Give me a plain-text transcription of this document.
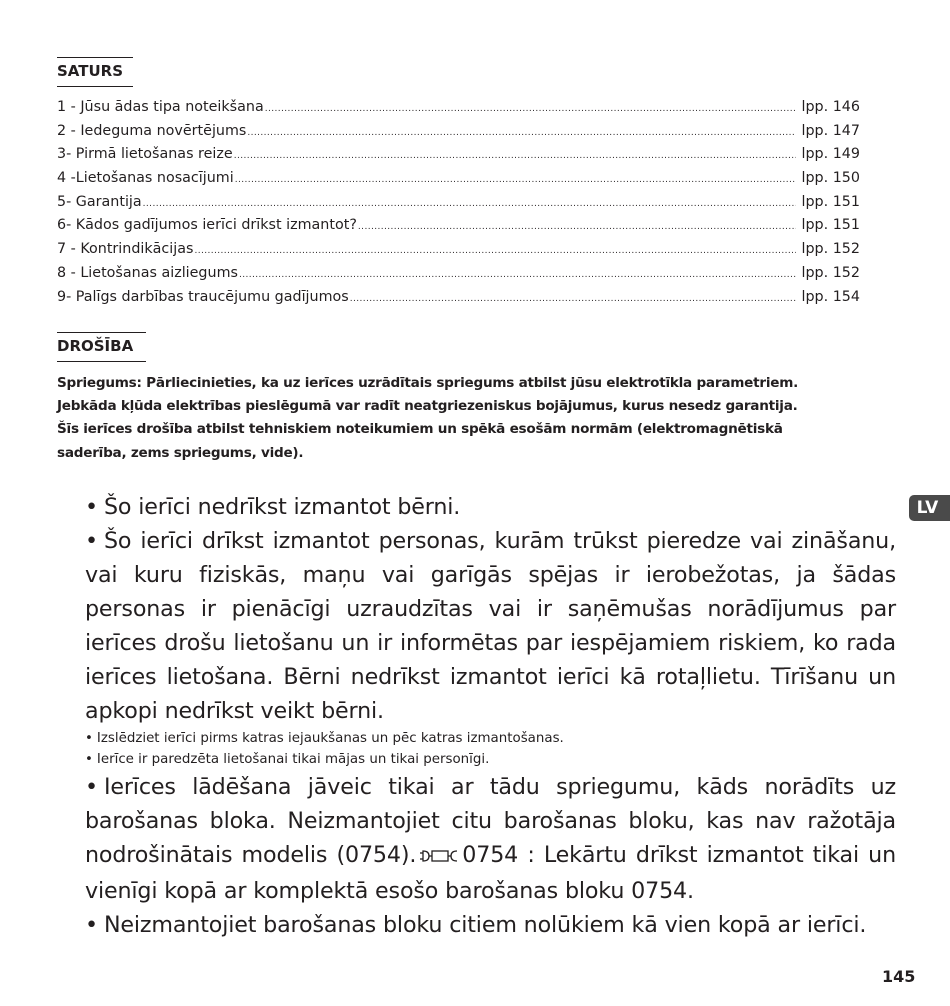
SATURS
1 - Jūsu ādas tipa noteikšana .....	lpp. 146
2 - Iedeguma novērtējums .....	lpp. 147
3- Pirmā lietošanas reize .....	lpp. 149
4 -Lietošanas nosacījumi .....	lpp. 150
5- Garantija .....	lpp. 151
6- Kādos gadījumos ierīci drīkst izmantot? .....	lpp. 151
7 - Kontrindikācijas .....	lpp. 152
8 - Lietošanas aizliegums .....	lpp. 152
9- Palīgs darbības traucējumu gadījumos .....	lpp. 154
DROŠĪBA

Spriegums: Pārliecinieties, ka uz ierīces uzrādītais spriegums atbilst jūsu elektrotīkla parametriem.

Jebkāda kļūda elektrības pieslēgumā var radīt neatgriezeniskus bojājumus, kurus nesedz garantija.

Šīs ierīces drošība atbilst tehniskiem noteikumiem un spēkā esošām normām (elektromagnētiskā

saderība, zems spriegums, vide).

• Šo ierīci nedrīkst izmantot bērni.

• Šo ierīci drīkst izmantot personas, kurām trūkst pieredze vai zināšanu, vai kuru fiziskās, maņu vai garīgās spējas ir ierobežotas, ja šādas personas ir pienācīgi uzraudzītas vai ir saņēmušas norādījumus par ierīces drošu lietošanu un ir informētas par iespējamiem riskiem, ko rada ierīces lietošana. Bērni nedrīkst izmantot ierīci kā rotaļlietu. Tīrīšanu un apkopi nedrīkst veikt bērni.

• Izslēdziet ierīci pirms katras iejaukšanas un pēc katras izmantošanas.

• Ierīce ir paredzēta lietošanai tikai mājas un tikai personīgi.

• Ierīces lādēšana jāveic tikai ar tādu spriegumu, kāds norādīts uz barošanas bloka. Neizmantojiet citu barošanas bloku, kas nav ražotāja nodrošinātais modelis (0754). 0754 : Lekārtu drīkst izmantot tikai un vienīgi kopā ar komplektā esošo barošanas bloku 0754.

• Neizmantojiet barošanas bloku citiem nolūkiem kā vien kopā ar ierīci.

LV
145
